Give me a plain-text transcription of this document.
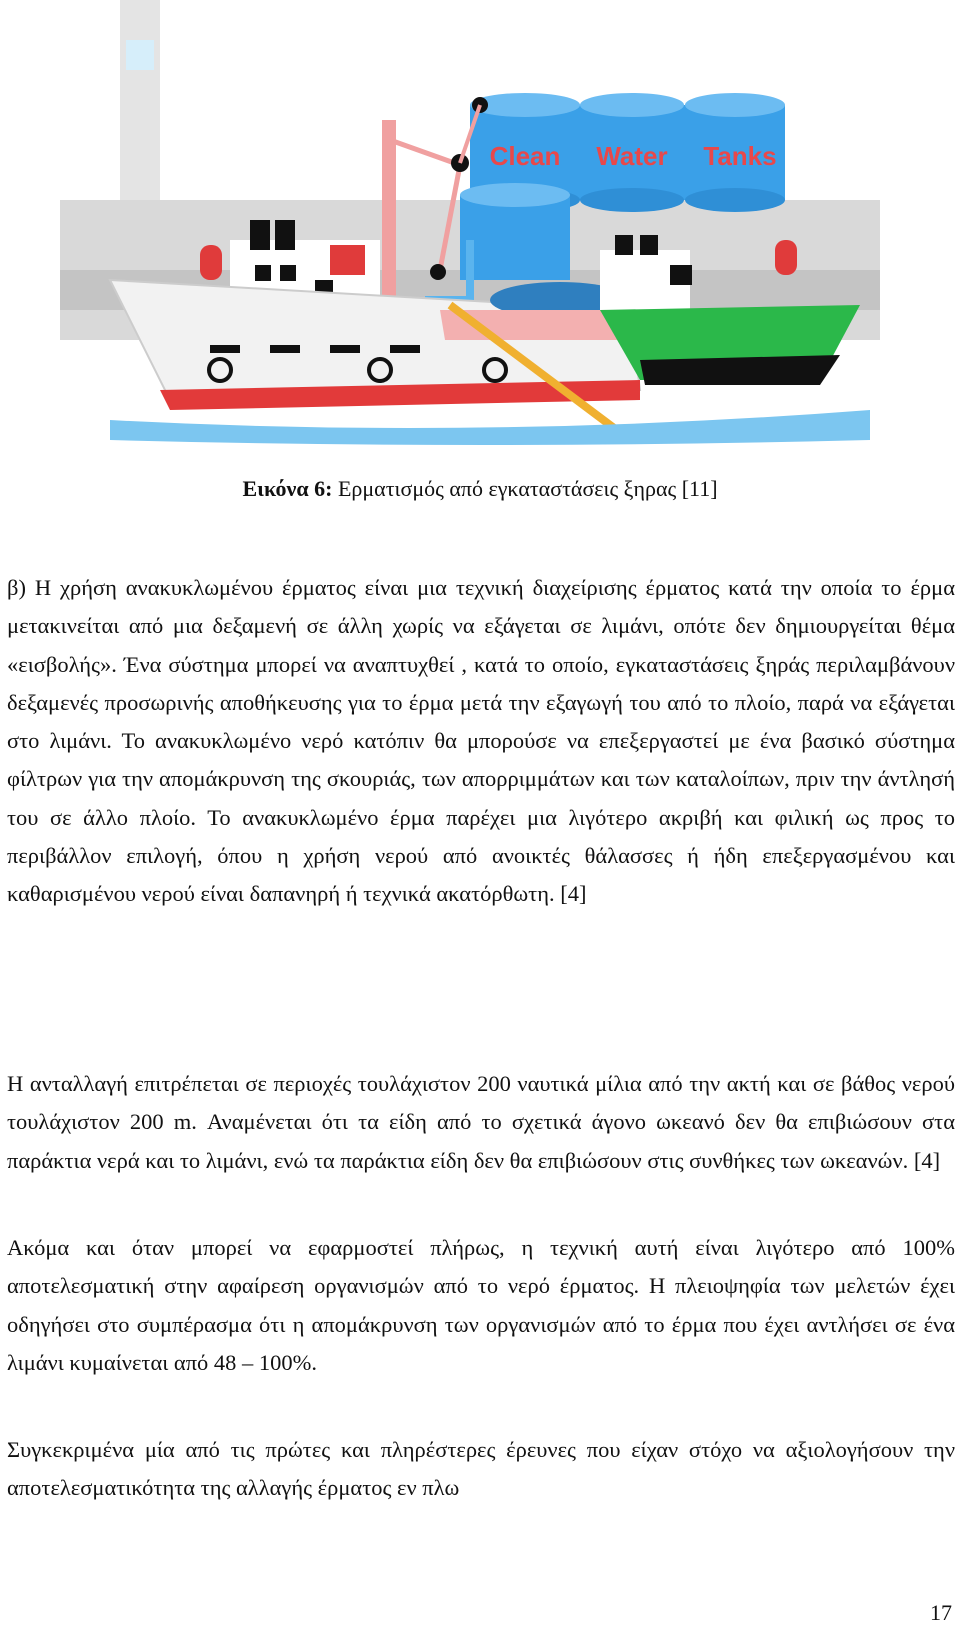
Clean Water Tanks
Εικόνα 6: Ερματισμός από εγκαταστάσεις ξηρας [11]

β) Η χρήση ανακυκλωμένου έρματος είναι μια τεχνική διαχείρισης έρματος κατά την οποία το έρμα μετακινείται από μια δεξαμενή σε άλλη χωρίς να εξάγεται σε λιμάνι, οπότε δεν δημιουργείται θέμα «εισβολής». Ένα σύστημα μπορεί να αναπτυχθεί , κατά το οποίο, εγκαταστάσεις ξηράς περιλαμβάνουν δεξαμενές προσωρινής αποθήκευσης για το έρμα μετά την εξαγωγή του από το πλοίο, παρά να εξάγεται στο λιμάνι. Το ανακυκλωμένο νερό κατόπιν θα μπορούσε να επεξεργαστεί με ένα βασικό σύστημα φίλτρων για την απομάκρυνση της σκουριάς, των απορριμμάτων και των καταλοίπων, πριν την άντλησή του σε άλλο πλοίο. Το ανακυκλωμένο έρμα παρέχει μια λιγότερο ακριβή και φιλική ως προς το περιβάλλον επιλογή, όπου η χρήση νερού από ανοικτές θάλασσες ή ήδη επεξεργασμένου και καθαρισμένου νερού είναι δαπανηρή ή τεχνικά ακατόρθωτη. [4]

Η ανταλλαγή επιτρέπεται σε περιοχές τουλάχιστον 200 ναυτικά μίλια από την ακτή και σε βάθος νερού τουλάχιστον 200 m. Αναμένεται ότι τα είδη από το σχετικά άγονο ωκεανό δεν θα επιβιώσουν στα παράκτια νερά και το λιμάνι, ενώ τα παράκτια είδη δεν θα επιβιώσουν στις συνθήκες των ωκεανών. [4]

Ακόμα και όταν μπορεί να εφαρμοστεί πλήρως, η τεχνική αυτή είναι λιγότερο από 100% αποτελεσματική στην αφαίρεση οργανισμών από το νερό έρματος. Η πλειοψηφία των μελετών έχει οδηγήσει στο συμπέρασμα ότι η απομάκρυνση των οργανισμών από το έρμα που έχει αντλήσει σε ένα λιμάνι κυμαίνεται από 48 – 100%.

Συγκεκριμένα μία από τις πρώτες και πληρέστερες έρευνες που είχαν στόχο να αξιολογήσουν την αποτελεσματικότητα της αλλαγής έρματος εν πλω

17
